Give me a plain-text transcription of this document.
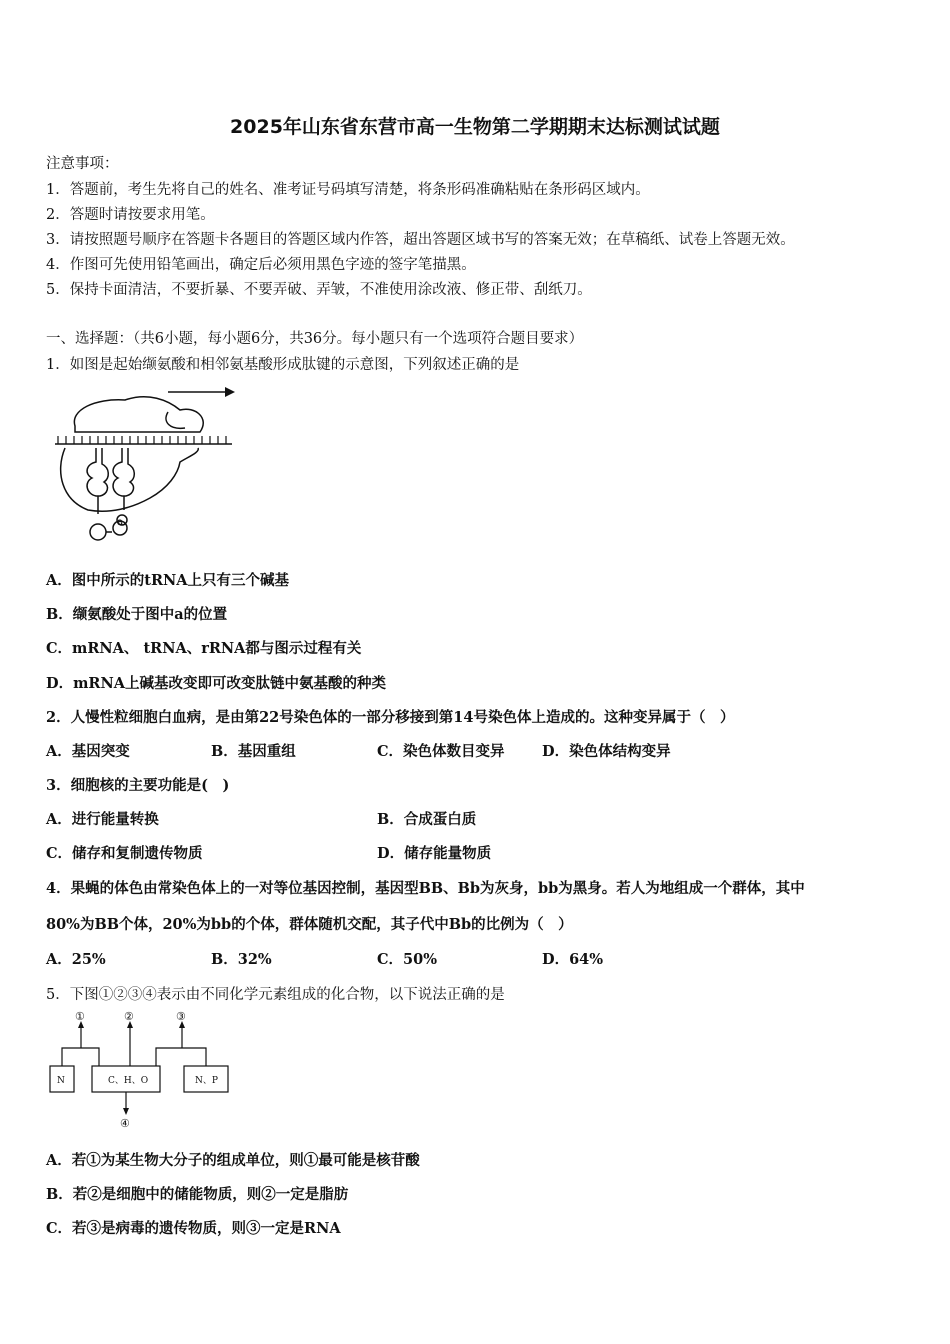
2025年山东省东营市高一生物第二学期期末达标测试试题
注意事项：
1．答题前，考生先将自己的姓名、准考证号码填写清楚，将条形码准确粘贴在条形码区域内。
2．答题时请按要求用笔。
3．请按照题号顺序在答题卡各题目的答题区域内作答，超出答题区域书写的答案无效；在草稿纸、试卷上答题无效。
4．作图可先使用铅笔画出，确定后必须用黑色字迹的签字笔描黑。
5．保持卡面清洁，不要折暴、不要弄破、弄皱，不准使用涂改液、修正带、刮纸刀。
一、选择题：（共6小题，每小题6分，共36分。每小题只有一个选项符合题目要求）
1．如图是起始缬氨酸和相邻氨基酸形成肽键的示意图，下列叙述正确的是
a
A．图中所示的tRNA上只有三个碱基
B．缬氨酸处于图中a的位置
C．mRNA、 tRNA、rRNA都与图示过程有关
D．mRNA上碱基改变即可改变肽链中氨基酸的种类
2．人慢性粒细胞白血病，是由第22号染色体的一部分移接到第14号染色体上造成的。这种变异属于（　）
A．基因突变	B．基因重组	C．染色体数目变异	D．染色体结构变异
3．细胞核的主要功能是(　)
A．进行能量转换	B．合成蛋白质
C．储存和复制遗传物质	D．储存能量物质
4．果蝇的体色由常染色体上的一对等位基因控制，基因型BB、Bb为灰身，bb为黑身。若人为地组成一个群体，其中
80%为BB个体，20%为bb的个体，群体随机交配，其子代中Bb的比例为（　）
A．25%	B．32%	C．50%	D．64%
5．下图①②③④表示由不同化学元素组成的化合物，以下说法正确的是
①	②	③
④
N	C、H、O	N、P
A．若①为某生物大分子的组成单位，则①最可能是核苷酸
B．若②是细胞中的储能物质，则②一定是脂肪
C．若③是病毒的遗传物质，则③一定是RNA
